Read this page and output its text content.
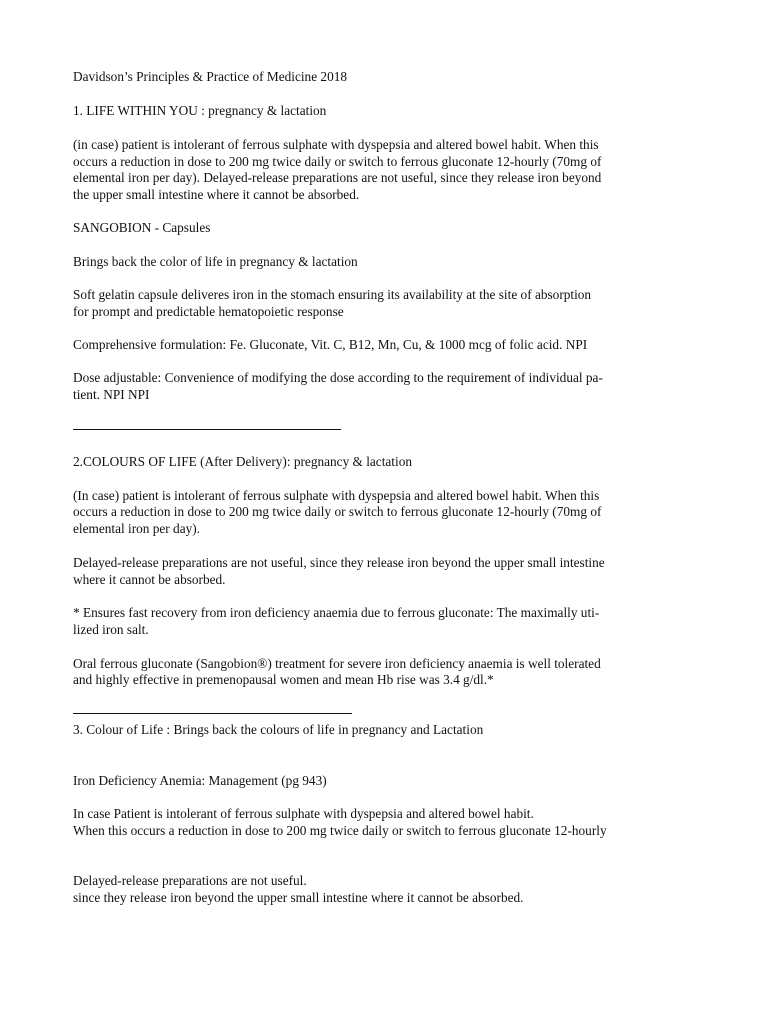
Davidson’s Principles & Practice of Medicine 2018
1. LIFE WITHIN YOU : pregnancy & lactation
(in case) patient is intolerant of ferrous sulphate with dyspepsia and altered bowel habit. When this
occurs a reduction in dose to 200 mg twice daily or switch to ferrous gluconate 12-hourly (70mg of
elemental iron per day). Delayed-release preparations are not useful, since they release iron beyond
the upper small intestine where it cannot be absorbed.
SANGOBION - Capsules
Brings back the color of life in pregnancy & lactation
Soft gelatin capsule deliveres iron in the stomach ensuring its availability at the site of absorption
for prompt and predictable hematopoietic response
Comprehensive formulation: Fe. Gluconate, Vit. C, B12, Mn, Cu, & 1000 mcg of folic acid. NPI
Dose adjustable: Convenience of modifying the dose according to the requirement of individual pa-
tient. NPI NPI
2.COLOURS OF LIFE (After Delivery): pregnancy & lactation
(In case) patient is intolerant of ferrous sulphate with dyspepsia and altered bowel habit. When this
occurs a reduction in dose to 200 mg twice daily or switch to ferrous gluconate 12-hourly (70mg of
elemental iron per day).
Delayed-release preparations are not useful, since they release iron beyond the upper small intestine
where it cannot be absorbed.
* Ensures fast recovery from iron deficiency anaemia due to ferrous gluconate: The maximally uti-
lized iron salt.
Oral ferrous gluconate (Sangobion®) treatment for severe iron deficiency anaemia is well tolerated
and highly effective in premenopausal women and mean Hb rise was 3.4 g/dl.*
3. Colour of Life : Brings back the colours of life in pregnancy and Lactation
Iron Deficiency Anemia: Management (pg 943)
In case Patient is intolerant of ferrous sulphate with dyspepsia and altered bowel habit.
When this occurs a reduction in dose to 200 mg twice daily or switch to ferrous gluconate 12-hourly
Delayed-release preparations are not useful.
since they release iron beyond the upper small intestine where it cannot be absorbed.
